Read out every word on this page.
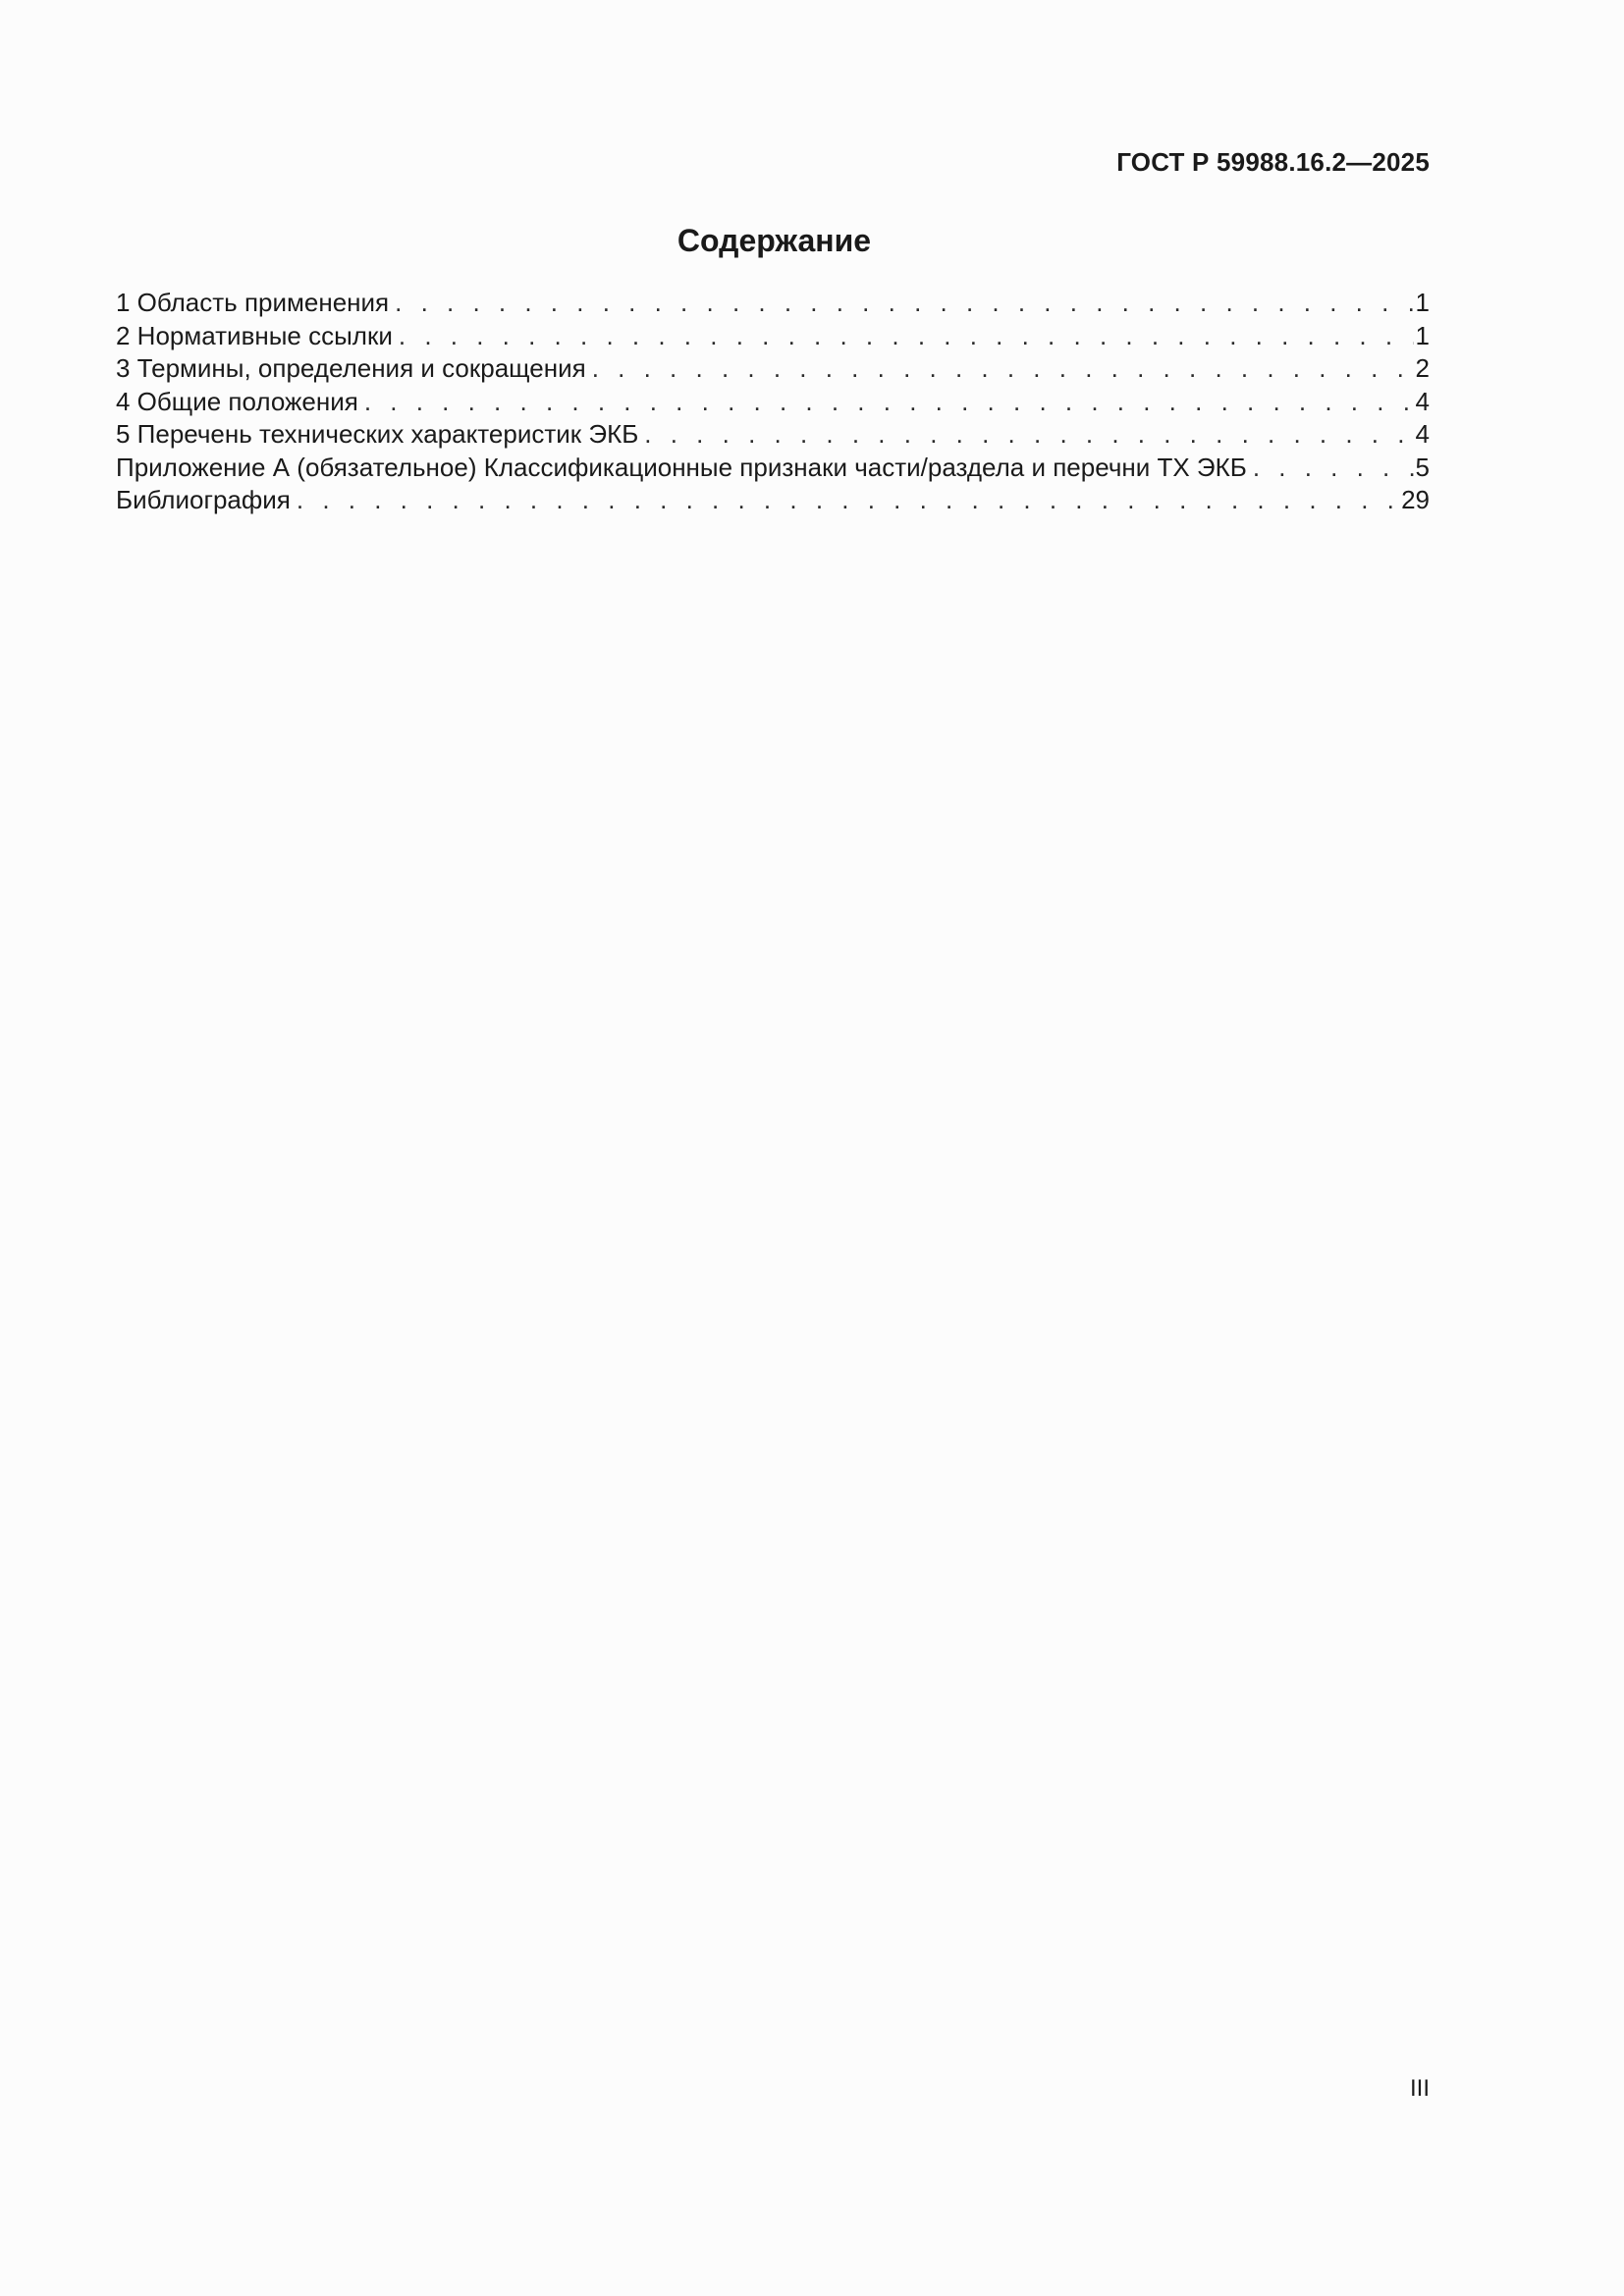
ГОСТ Р 59988.16.2—2025
Содержание
1 Область применения . . .	1
2 Нормативные ссылки . . .	1
3 Термины, определения и сокращения . . .	2
4 Общие положения . . .	4
5 Перечень технических характеристик ЭКБ . . .	4
Приложение А (обязательное) Классификационные признаки части/раздела и перечни ТХ ЭКБ . . .	5
Библиография . . .	29
III
